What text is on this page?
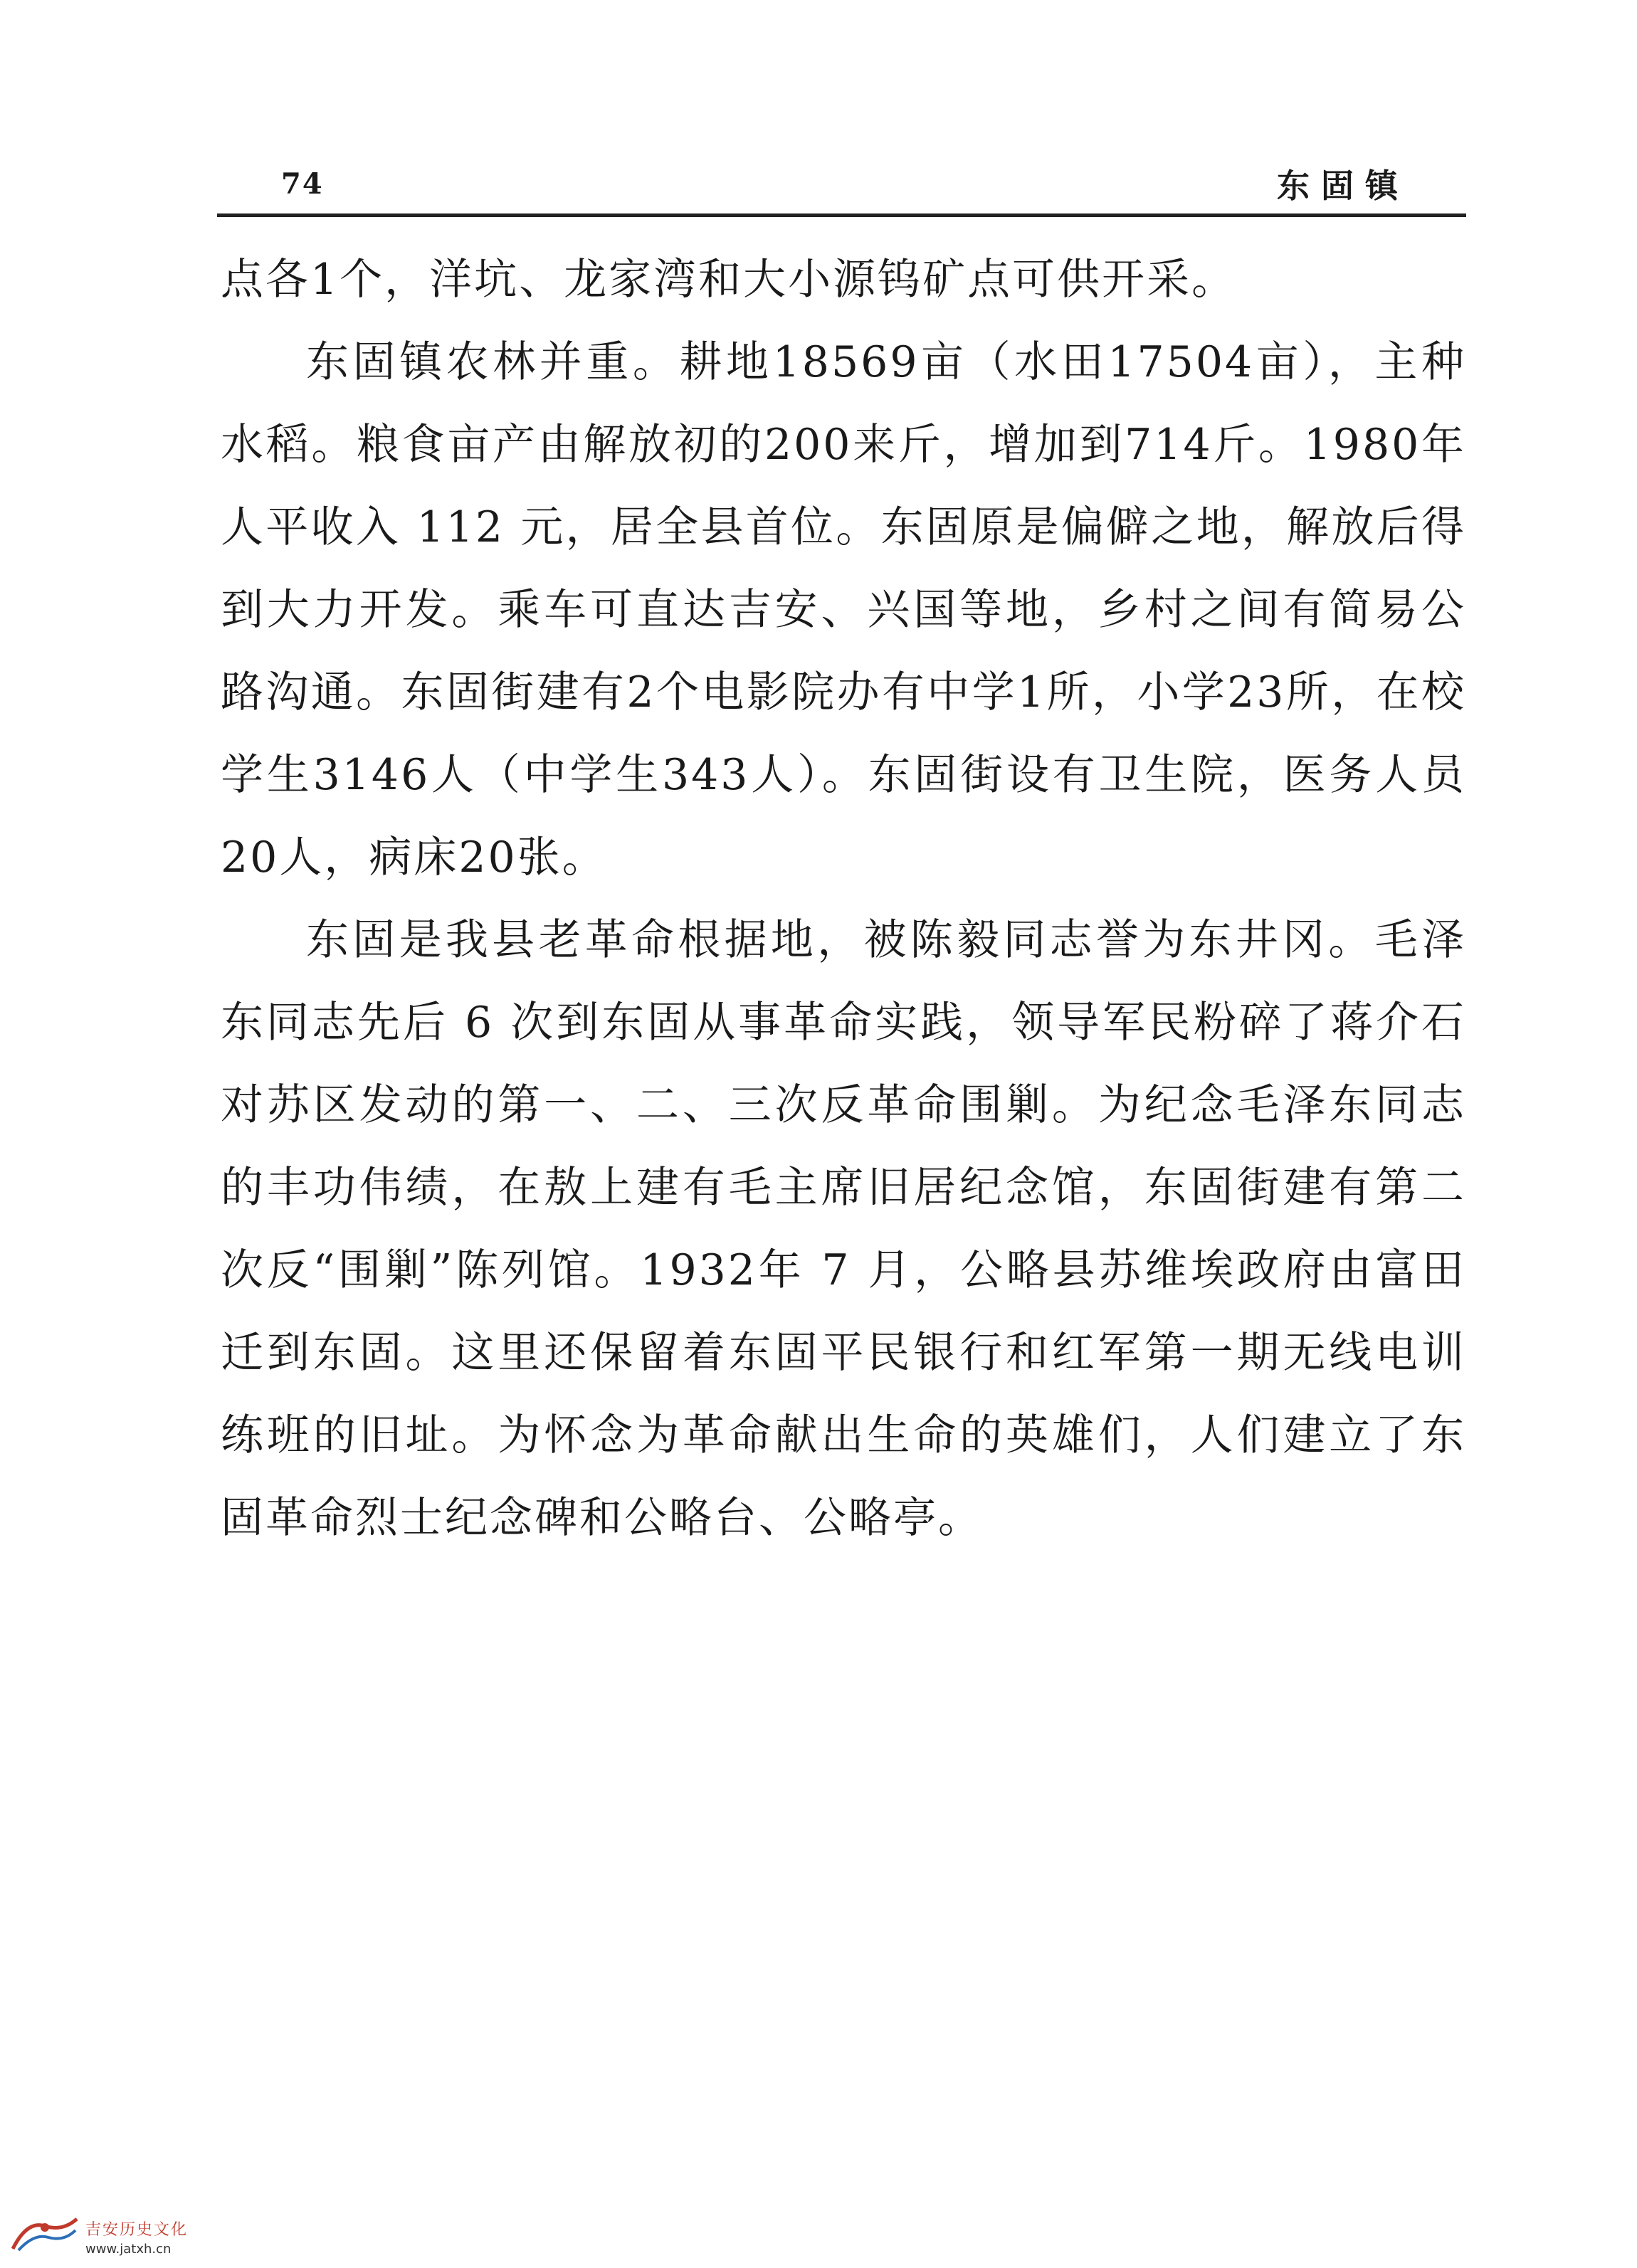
74	东固镇

点各1个，洋坑、龙家湾和大小源钨矿点可供开采。

东固镇农林并重。耕地18569亩（水田17504亩），主种水稻。粮食亩产由解放初的200来斤，增加到714斤。1980年人平收入 112 元，居全县首位。东固原是偏僻之地，解放后得到大力开发。乘车可直达吉安、兴国等地，乡村之间有简易公路沟通。东固街建有2个电影院办有中学1所，小学23所，在校学生3146人（中学生343人）。东固街设有卫生院，医务人员20人，病床20张。

东固是我县老革命根据地，被陈毅同志誉为东井冈。毛泽东同志先后 6 次到东固从事革命实践，领导军民粉碎了蒋介石对苏区发动的第一、二、三次反革命围剿。为纪念毛泽东同志的丰功伟绩，在敖上建有毛主席旧居纪念馆，东固街建有第二次反“围剿”陈列馆。1932年 7 月，公略县苏维埃政府由富田迁到东固。这里还保留着东固平民银行和红军第一期无线电训练班的旧址。为怀念为革命献出生命的英雄们，人们建立了东固革命烈士纪念碑和公略台、公略亭。

吉安历史文化
www.jatxh.cn
